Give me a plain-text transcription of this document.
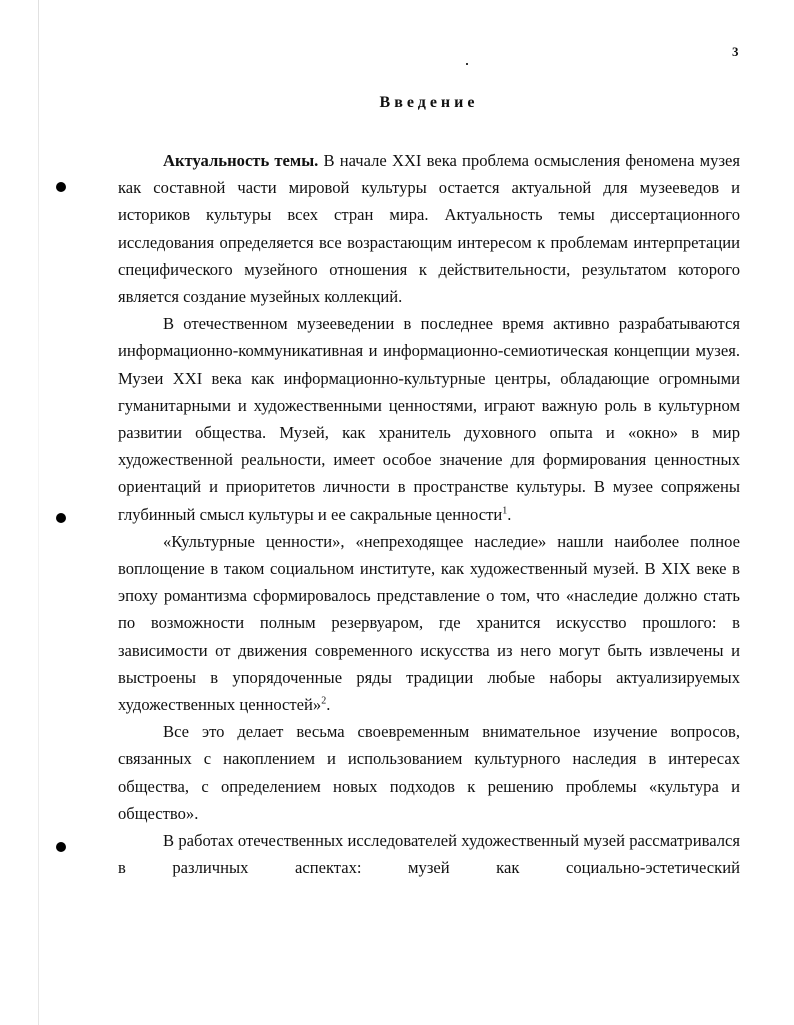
3
Введение

Актуальность темы. В начале XXI века проблема осмысления феномена музея как составной части мировой культуры остается актуальной для музееведов и историков культуры всех стран мира. Актуальность темы диссертационного исследования определяется все возрастающим интересом к проблемам интерпретации специфического музейного отношения к действительности, результатом которого является создание музейных коллекций.

В отечественном музееведении в последнее время активно разрабатываются информационно-коммуникативная и информационно-семиотическая концепции музея. Музеи XXI века как информационно-культурные центры, обладающие огромными гуманитарными и художественными ценностями, играют важную роль в культурном развитии общества. Музей, как хранитель духовного опыта и «окно» в мир художественной реальности, имеет особое значение для формирования ценностных ориентаций и приоритетов личности в пространстве культуры. В музее сопряжены глубинный смысл культуры и ее сакральные ценности$^1$.

«Культурные ценности», «непреходящее наследие» нашли наиболее полное воплощение в таком социальном институте, как художественный музей. В XIX веке в эпоху романтизма сформировалось представление о том, что «наследие должно стать по возможности полным резервуаром, где хранится искусство прошлого: в зависимости от движения современного искусства из него могут быть извлечены и выстроены в упорядоченные ряды традиции любые наборы актуализируемых художественных ценностей»$^2$.

Все это делает весьма своевременным внимательное изучение вопросов, связанных с накоплением и использованием культурного наследия в интересах общества, с определением новых подходов к решению проблемы «культура и общество».

В работах отечественных исследователей художественный музей рассматривался в различных аспектах: музей как социально-эстетический
